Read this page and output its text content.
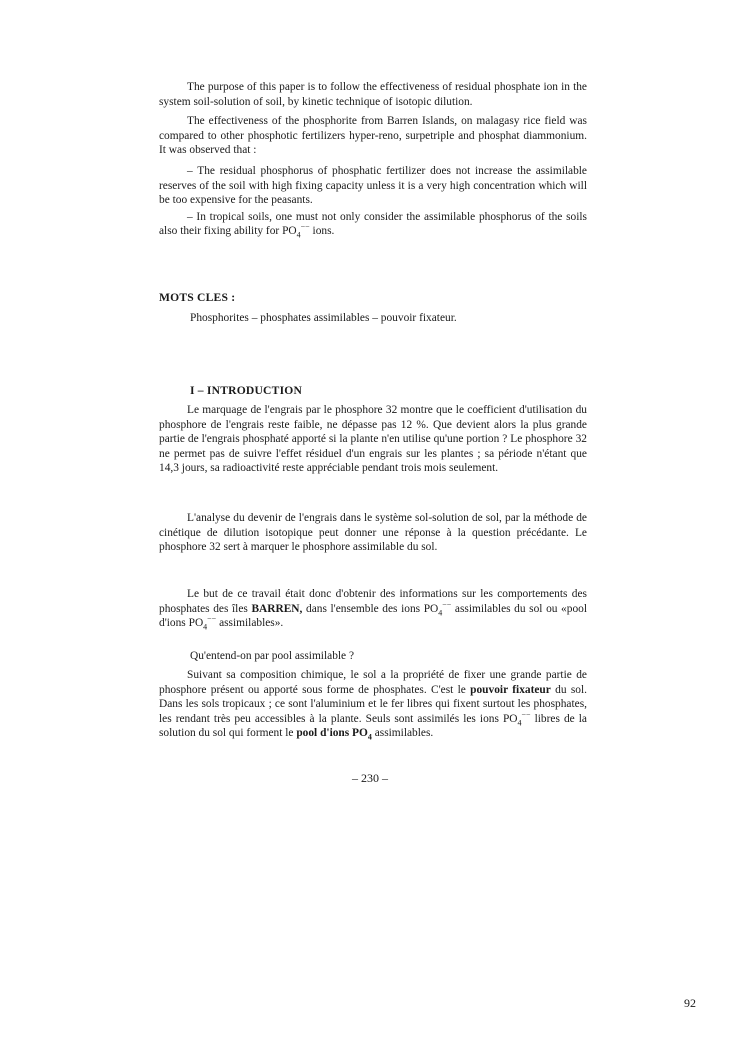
The purpose of this paper is to follow the effectiveness of residual phosphate ion in the system soil-solution of soil, by kinetic technique of isotopic dilution.

The effectiveness of the phosphorite from Barren Islands, on malagasy rice field was compared to other phosphotic fertilizers hyper-reno, surpetriple and phosphat diammonium. It was observed that :

– The residual phosphorus of phosphatic fertilizer does not increase the assimilable reserves of the soil with high fixing capacity unless it is a very high concentration which will be too expensive for the peasants.

– In tropical soils, one must not only consider the assimilable phosphorus of the soils also their fixing ability for $PO_4^{--}$ ions.

MOTS CLES :
Phosphorites – phosphates assimilables – pouvoir fixateur.
I – INTRODUCTION

Le marquage de l'engrais par le phosphore 32 montre que le coefficient d'utilisation du phosphore de l'engrais reste faible, ne dépasse pas 12 %. Que devient alors la plus grande partie de l'engrais phosphaté apporté si la plante n'en utilise qu'une portion ? Le phosphore 32 ne permet pas de suivre l'effet résiduel d'un engrais sur les plantes ; sa période n'étant que 14,3 jours, sa radioactivité reste appréciable pendant trois mois seulement.

L'analyse du devenir de l'engrais dans le système sol-solution de sol, par la méthode de cinétique de dilution isotopique peut donner une réponse à la question précédante. Le phosphore 32 sert à marquer le phosphore assimilable du sol.

Le but de ce travail était donc d'obtenir des informations sur les comportements des phosphates des îles BARREN, dans l'ensemble des ions $PO_4^{--}$ assimilables du sol ou «pool d'ions $PO_4^{--}$ assimilables».

Qu'entend-on par pool assimilable ?

Suivant sa composition chimique, le sol a la propriété de fixer une grande partie de phosphore présent ou apporté sous forme de phosphates. C'est le pouvoir fixateur du sol. Dans les sols tropicaux ; ce sont l'aluminium et le fer libres qui fixent surtout les phosphates, les rendant très peu accessibles à la plante. Seuls sont assimilés les ions $PO_4^{--}$ libres de la solution du sol qui forment le pool d'ions $PO_4$ assimilables.

– 230 –
92
